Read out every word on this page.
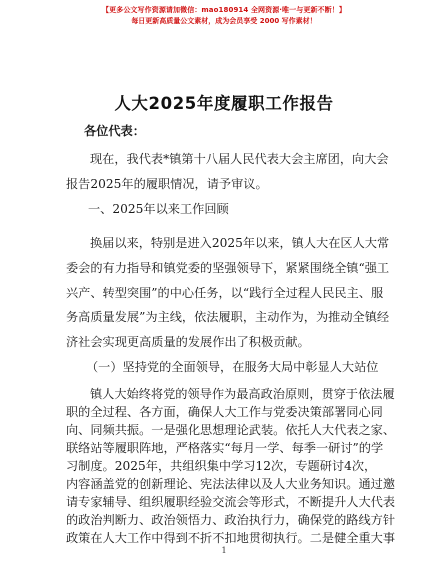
【更多公文写作资源请加微信：mao180914 全网资源·唯一与更新不断！】
每日更新高质量公文素材，成为会员享受 2000 写作素材！
人大2025年度履职工作报告
各位代表：
现在，我代表*镇第十八届人民代表大会主席团，向大会
报告2025年的履职情况，请予审议。
一、2025年以来工作回顾
换届以来，特别是进入2025年以来，镇人大在区人大常
委会的有力指导和镇党委的坚强领导下，紧紧围绕全镇“强工
兴产、转型突围”的中心任务，以“践行全过程人民民主、服
务高质量发展”为主线，依法履职，主动作为，为推动全镇经
济社会实现更高质量的发展作出了积极贡献。
（一）坚持党的全面领导，在服务大局中彰显人大站位
镇人大始终将党的领导作为最高政治原则，贯穿于依法履
职的全过程、各方面，确保人大工作与党委决策部署同心同
向、同频共振。一是强化思想理论武装。依托人大代表之家、
联络站等履职阵地，严格落实“每月一学、每季一研讨”的学
习制度。2025年，共组织集中学习12次，专题研讨4次，
内容涵盖党的创新理论、宪法法律以及人大业务知识。通过邀
请专家辅导、组织履职经验交流会等形式，不断提升人大代表
的政治判断力、政治领悟力、政治执行力，确保党的路线方针
政策在人大工作中得到不折不扣地贯彻执行。二是健全重大事
1
